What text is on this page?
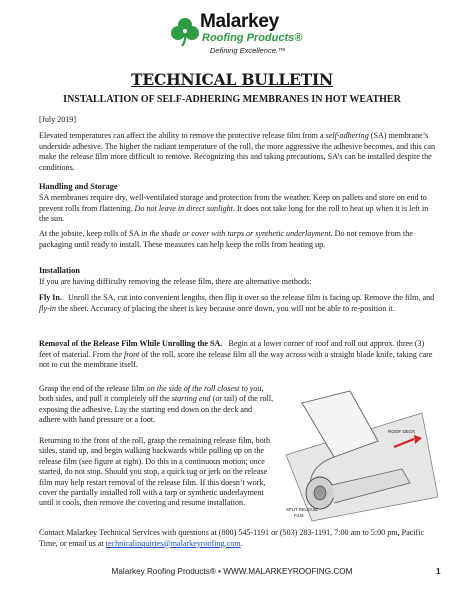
Malarkey
Roofing Products®
Defining Excellence.™
TECHNICAL BULLETIN
INSTALLATION OF SELF-ADHERING MEMBRANES IN HOT WEATHER

[July 2019]

Elevated temperatures can affect the ability to remove the protective release film from a self-adhering (SA) membrane’s underside adhesive. The higher the radiant temperature of the roll, the more aggressive the adhesive becomes, and this can make the release film more difficult to remove. Recognizing this and taking precautions, SA’s can be installed despite the conditions.

Handling and Storage

SA membranes require dry, well-ventilated storage and protection from the weather. Keep on pallets and store on end to prevent rolls from flattening. Do not leave in direct sunlight. It does not take long for the roll to heat up when it is left in the sun.

At the jobsite, keep rolls of SA in the shade or cover with tarps or synthetic underlayment. Do not remove from the packaging until ready to install. These measures can help keep the rolls from heating up.

Installation

If you are having difficulty removing the release film, there are alternative methods:

Fly In.   Unroll the SA, cut into convenient lengths, then flip it over so the release film is facing up. Remove the film, and fly-in the sheet. Accuracy of placing the sheet is key because once down, you will not be able to re-position it.

Removal of the Release Film While Unrolling the SA.   Begin at a lower corner of roof and roll out approx. three (3) feet of material. From the front of the roll, score the release film all the way across with a straight blade knife, taking care not to cut the membrane itself.

Grasp the end of the release film on the side of the roll closest to you, both sides, and pull it completely off the starting end (or tail) of the roll, exposing the adhesive. Lay the starting end down on the deck and adhere with hand pressure or a foot.

Returning to the front of the roll, grasp the remaining release film, both sides, stand up, and begin walking backwards while pulling up on the release film (see figure at right). Do this in a continuous motion; once started, do not stop. Should you stop, a quick tug or jerk on the release film may help restart removal of the release film. If this doesn’t work, cover the partially installed roll with a tarp or synthetic underlayment until it cools, then remove the covering and resume installation.

ROOF DECK
SPLIT RELEASE
FILM

Contact Malarkey Technical Services with questions at (800) 545-1191 or (503) 283-1191, 7:00 am to 5:00 pm, Pacific Time, or email us at technicalinquiries@malarkeyroofing.com.

Malarkey Roofing Products® • WWW.MALARKEYROOFING.COM	1
